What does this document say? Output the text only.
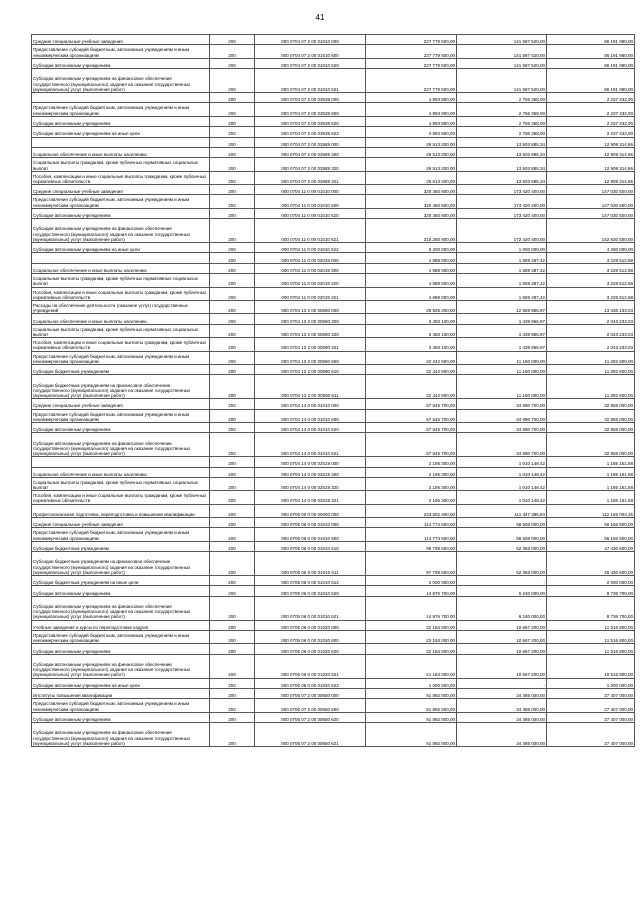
41
Средние специальные учебные заведения	200	000 0704 07 2 00 01010 000	227 779 500,00	141 587 520,00	86 191 980,00
Предоставление субсидий бюджетным, автономным учреждениям и иным некоммерческим организациям	200	000 0704 07 2 00 01010 600	227 779 500,00	141 587 520,00	86 191 980,00
Субсидии автономным учреждениям	200	000 0704 07 2 00 01010 620	227 779 500,00	141 587 520,00	86 191 980,00
Субсидии автономным учреждениям на финансовое обеспечение государственного (муниципального) задания на оказание государственных (муниципальных) услуг (выполнение работ)	200	000 0704 07 2 00 01010 621	227 779 500,00	141 587 520,00	86 191 980,00
	200	000 0704 07 2 00 03539 000	4 993 800,00	2 756 368,00	2 237 432,00
Предоставление субсидий бюджетным, автономным учреждениям и иным некоммерческим организациям	200	000 0704 07 2 00 03539 600	4 993 800,00	2 756 368,00	2 237 432,00
Субсидии автономным учреждениям	200	000 0704 07 2 00 03539 620	4 993 800,00	2 756 368,00	2 237 432,00
Субсидии автономным учреждениям на иные цели	200	000 0704 07 2 00 03539 622	4 993 800,00	2 756 368,00	2 237 432,00
	200	000 0704 07 2 00 03589 000	26 513 200,00	13 603 885,34	12 909 314,66
Социальное обеспечение и иные выплаты населению	200	000 0704 07 2 00 03589 300	26 513 200,00	13 603 885,34	12 909 314,66
Социальные выплаты гражданам, кроме публичных нормативных социальных выплат	200	000 0704 07 2 00 03589 320	26 513 200,00	13 603 885,34	12 909 314,66
Пособия, компенсации и иные социальные выплаты гражданам, кроме публичных нормативных обязательств	200	000 0704 07 2 00 03589 321	26 513 200,00	13 603 885,34	12 909 314,66
Средние специальные учебные заведения	200	000 0704 11 0 00 01010 000	320 450 600,00	173 420 400,00	147 030 500,00
Предоставление субсидий бюджетным, автономным учреждениям и иным некоммерческим организациям	200	000 0704 11 0 00 01010 600	320 450 600,00	173 420 400,00	147 030 500,00
Субсидии автономным учреждениям	200	000 0704 11 0 00 01010 620	320 450 600,00	173 420 400,00	147 030 500,00
Субсидии автономным учреждениям на финансовое обеспечение государственного (муниципального) задания на оказание государственных (муниципальных) услуг (выполнение работ)	200	000 0704 11 0 00 01010 621	315 250 900,00	172 420 400,00	142 830 500,00
Субсидии автономным учреждениям на иные цели	200	000 0704 11 0 00 01010 622	5 200 000,00	1 000 000,00	4 200 000,00
	200	000 0704 11 0 00 02019 000	4 888 000,00	1 659 487,42	3 228 512,58
Социальное обеспечение и иные выплаты населению	200	000 0704 11 0 00 02019 300	4 888 000,00	1 659 487,42	3 228 512,58
Социальные выплаты гражданам, кроме публичных нормативных социальных выплат	200	000 0704 11 0 00 02019 320	4 888 000,00	1 659 487,42	3 228 512,58
Пособия, компенсации и иные социальные выплаты гражданам, кроме публичных нормативных обязательств	200	000 0704 11 0 00 02019 321	4 888 000,00	1 659 487,42	3 228 512,58
Расходы на обеспечение деятельности (оказание услуг) государственных учреждений	200	000 0704 13 2 00 00590 000	25 925 200,00	12 589 866,97	13 336 133,03
Социальное обеспечение и иные выплаты населению	200	000 0704 13 2 00 00590 300	3 483 100,00	1 439 866,97	2 043 233,03
Социальные выплаты гражданам, кроме публичных нормативных социальных выплат	200	000 0704 13 2 00 00590 320	3 483 100,00	1 439 866,97	2 043 233,03
Пособия, компенсации и иные социальные выплаты гражданам, кроме публичных нормативных обязательств	200	000 0704 13 2 00 00590 321	3 483 100,00	1 439 866,97	2 043 233,03
Предоставление субсидий бюджетным, автономным учреждениям и иным некоммерческим организациям	200	000 0704 13 2 00 00590 600	22 442 600,00	11 150 000,00	11 292 600,00
Субсидии бюджетным учреждениям	200	000 0704 13 2 00 00590 610	22 442 600,00	11 150 000,00	11 292 600,00
Субсидии бюджетным учреждениям на финансовое обеспечение государственного (муниципального) задания на оказание государственных (муниципальных) услуг (выполнение работ)	200	000 0704 13 2 00 00590 611	22 442 600,00	11 150 000,00	11 292 600,00
Средние специальные учебные заведения	200	000 0704 14 0 00 01010 000	67 545 700,00	34 690 700,00	32 855 000,00
Предоставление субсидий бюджетным, автономным учреждениям и иным некоммерческим организациям	200	000 0704 14 0 00 01010 600	67 545 700,00	34 690 700,00	32 855 000,00
Субсидии автономным учреждениям	200	000 0704 14 0 00 01010 620	67 545 700,00	34 690 700,00	32 855 000,00
Субсидии автономным учреждениям на финансовое обеспечение государственного (муниципального) задания на оказание государственных (муниципальных) услуг (выполнение работ)	200	000 0704 14 0 00 01010 621	67 545 700,00	34 690 700,00	32 855 000,00
	200	000 0704 14 0 00 02019 000	2 195 300,00	1 010 148,42	1 185 151,58
Социальное обеспечение и иные выплаты населению	200	000 0704 14 0 00 02019 300	2 195 300,00	1 010 148,42	1 185 151,58
Социальные выплаты гражданам, кроме публичных нормативных социальных выплат	200	000 0704 14 0 00 02019 320	2 195 300,00	1 010 148,42	1 185 151,58
Пособия, компенсации и иные социальные выплаты гражданам, кроме публичных нормативных обязательств	200	000 0704 14 0 00 02019 321	2 195 300,00	1 010 148,42	1 185 151,58
Профессиональная подготовка, переподготовка и повышение квалификации	200	000 0705 00 0 00 00000 000	223 502 400,00	111 347 396,84	112 155 003,16
Средние специальные учебные заведения	200	000 0705 06 0 00 01010 000	114 774 600,00	58 608 000,00	56 166 600,00
Предоставление субсидий бюджетным, автономным учреждениям и иным некоммерческим организациям	200	000 0705 06 0 00 01010 600	114 774 600,00	58 608 000,00	56 166 600,00
Субсидии бюджетным учреждениям	200	000 0705 06 0 00 01010 610	99 798 600,00	52 368 000,00	47 430 600,00
Субсидии бюджетным учреждениям на финансовое обеспечение государственного (муниципального) задания на оказание государственных (муниципальных) услуг (выполнение работ)	200	000 0705 06 0 00 01010 611	97 798 600,00	52 368 000,00	45 430 600,00
Субсидии бюджетным учреждениям на иные цели	200	000 0705 06 0 00 01010 612	2 000 000,00	-	2 000 000,00
Субсидии автономным учреждениям	200	000 0705 06 0 00 01010 620	14 976 700,00	6 240 000,00	8 736 700,00
Субсидии автономным учреждениям на финансовое обеспечение государственного (муниципального) задания на оказание государственных (муниципальных) услуг (выполнение работ)	200	000 0705 06 0 00 01010 621	14 976 700,00	6 240 000,00	8 736 700,00
Учебные заведения и курсы по переподготовке кадров	200	000 0705 06 0 00 01020 000	22 184 000,00	10 667 200,00	11 516 800,00
Предоставление субсидий бюджетным, автономным учреждениям и иным некоммерческим организациям	200	000 0705 06 0 00 01020 600	22 184 000,00	10 667 200,00	11 516 800,00
Субсидии автономным учреждениям	200	000 0705 06 0 00 01020 620	22 184 000,00	10 667 200,00	11 516 800,00
Субсидии автономным учреждениям на финансовое обеспечение государственного (муниципального) задания на оказание государственных (муниципальных) услуг (выполнение работ)	200	000 0705 06 0 00 01020 621	21 184 000,00	10 667 200,00	10 516 800,00
Субсидии автономным учреждениям на иные цели	200	000 0705 06 0 00 01020 622	1 000 000,00	-	1 000 000,00
Институты повышения квалификации	200	000 0705 07 2 00 00650 000	61 892 000,00	34 485 000,00	27 407 000,00
Предоставление субсидий бюджетным, автономным учреждениям и иным некоммерческим организациям	200	000 0705 07 2 00 00650 600	61 892 000,00	34 485 000,00	27 407 000,00
Субсидии автономным учреждениям	200	000 0705 07 2 00 00650 620	61 892 000,00	34 485 000,00	27 407 000,00
Субсидии автономным учреждениям на финансовое обеспечение государственного (муниципального) задания на оказание государственных (муниципальных) услуг (выполнение работ)	200	000 0705 07 2 00 00650 621	61 892 000,00	34 485 000,00	27 407 000,00
